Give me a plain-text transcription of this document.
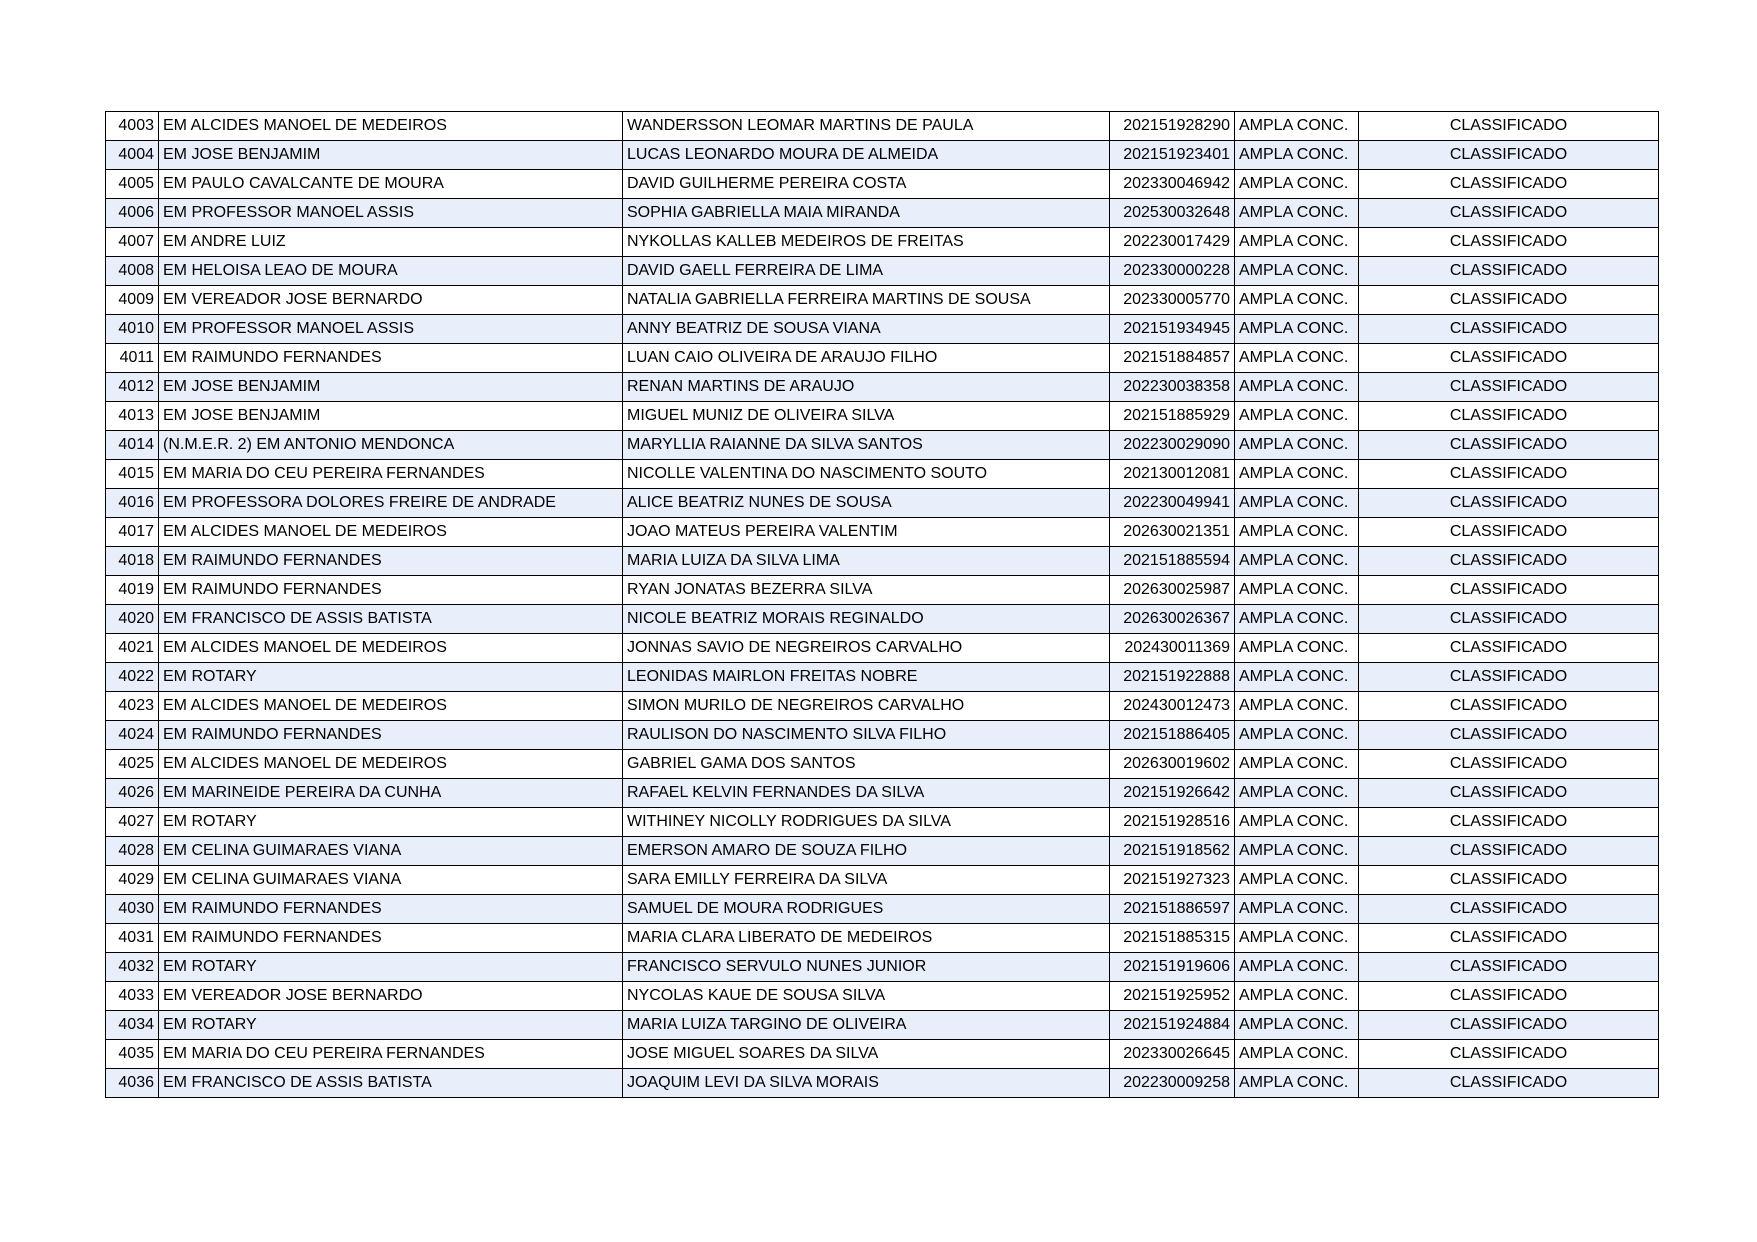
4003	EM ALCIDES MANOEL DE MEDEIROS	WANDERSSON LEOMAR MARTINS DE PAULA	202151928290	AMPLA CONC.	CLASSIFICADO
4004	EM JOSE BENJAMIM	LUCAS LEONARDO MOURA DE ALMEIDA	202151923401	AMPLA CONC.	CLASSIFICADO
4005	EM PAULO CAVALCANTE DE MOURA	DAVID GUILHERME PEREIRA COSTA	202330046942	AMPLA CONC.	CLASSIFICADO
4006	EM PROFESSOR MANOEL ASSIS	SOPHIA GABRIELLA MAIA MIRANDA	202530032648	AMPLA CONC.	CLASSIFICADO
4007	EM ANDRE LUIZ	NYKOLLAS KALLEB MEDEIROS DE FREITAS	202230017429	AMPLA CONC.	CLASSIFICADO
4008	EM HELOISA LEAO DE MOURA	DAVID GAELL FERREIRA DE LIMA	202330000228	AMPLA CONC.	CLASSIFICADO
4009	EM VEREADOR JOSE BERNARDO	NATALIA GABRIELLA FERREIRA MARTINS DE SOUSA	202330005770	AMPLA CONC.	CLASSIFICADO
4010	EM PROFESSOR MANOEL ASSIS	ANNY BEATRIZ DE SOUSA VIANA	202151934945	AMPLA CONC.	CLASSIFICADO
4011	EM RAIMUNDO FERNANDES	LUAN CAIO OLIVEIRA DE ARAUJO FILHO	202151884857	AMPLA CONC.	CLASSIFICADO
4012	EM JOSE BENJAMIM	RENAN MARTINS DE ARAUJO	202230038358	AMPLA CONC.	CLASSIFICADO
4013	EM JOSE BENJAMIM	MIGUEL MUNIZ DE OLIVEIRA SILVA	202151885929	AMPLA CONC.	CLASSIFICADO
4014	(N.M.E.R. 2) EM ANTONIO MENDONCA	MARYLLIA RAIANNE DA SILVA SANTOS	202230029090	AMPLA CONC.	CLASSIFICADO
4015	EM MARIA DO CEU PEREIRA FERNANDES	NICOLLE VALENTINA DO NASCIMENTO SOUTO	202130012081	AMPLA CONC.	CLASSIFICADO
4016	EM PROFESSORA DOLORES FREIRE DE ANDRADE	ALICE BEATRIZ NUNES DE SOUSA	202230049941	AMPLA CONC.	CLASSIFICADO
4017	EM ALCIDES MANOEL DE MEDEIROS	JOAO MATEUS PEREIRA VALENTIM	202630021351	AMPLA CONC.	CLASSIFICADO
4018	EM RAIMUNDO FERNANDES	MARIA LUIZA DA SILVA LIMA	202151885594	AMPLA CONC.	CLASSIFICADO
4019	EM RAIMUNDO FERNANDES	RYAN JONATAS BEZERRA SILVA	202630025987	AMPLA CONC.	CLASSIFICADO
4020	EM FRANCISCO DE ASSIS BATISTA	NICOLE BEATRIZ MORAIS REGINALDO	202630026367	AMPLA CONC.	CLASSIFICADO
4021	EM ALCIDES MANOEL DE MEDEIROS	JONNAS SAVIO DE NEGREIROS CARVALHO	202430011369	AMPLA CONC.	CLASSIFICADO
4022	EM ROTARY	LEONIDAS MAIRLON FREITAS NOBRE	202151922888	AMPLA CONC.	CLASSIFICADO
4023	EM ALCIDES MANOEL DE MEDEIROS	SIMON MURILO DE NEGREIROS CARVALHO	202430012473	AMPLA CONC.	CLASSIFICADO
4024	EM RAIMUNDO FERNANDES	RAULISON DO NASCIMENTO SILVA FILHO	202151886405	AMPLA CONC.	CLASSIFICADO
4025	EM ALCIDES MANOEL DE MEDEIROS	GABRIEL GAMA DOS SANTOS	202630019602	AMPLA CONC.	CLASSIFICADO
4026	EM MARINEIDE PEREIRA DA CUNHA	RAFAEL KELVIN FERNANDES DA SILVA	202151926642	AMPLA CONC.	CLASSIFICADO
4027	EM ROTARY	WITHINEY NICOLLY RODRIGUES DA SILVA	202151928516	AMPLA CONC.	CLASSIFICADO
4028	EM CELINA GUIMARAES VIANA	EMERSON AMARO DE SOUZA FILHO	202151918562	AMPLA CONC.	CLASSIFICADO
4029	EM CELINA GUIMARAES VIANA	SARA EMILLY FERREIRA DA SILVA	202151927323	AMPLA CONC.	CLASSIFICADO
4030	EM RAIMUNDO FERNANDES	SAMUEL DE MOURA RODRIGUES	202151886597	AMPLA CONC.	CLASSIFICADO
4031	EM RAIMUNDO FERNANDES	MARIA CLARA LIBERATO DE MEDEIROS	202151885315	AMPLA CONC.	CLASSIFICADO
4032	EM ROTARY	FRANCISCO SERVULO NUNES JUNIOR	202151919606	AMPLA CONC.	CLASSIFICADO
4033	EM VEREADOR JOSE BERNARDO	NYCOLAS KAUE DE SOUSA SILVA	202151925952	AMPLA CONC.	CLASSIFICADO
4034	EM ROTARY	MARIA LUIZA TARGINO DE OLIVEIRA	202151924884	AMPLA CONC.	CLASSIFICADO
4035	EM MARIA DO CEU PEREIRA FERNANDES	JOSE MIGUEL SOARES DA SILVA	202330026645	AMPLA CONC.	CLASSIFICADO
4036	EM FRANCISCO DE ASSIS BATISTA	JOAQUIM LEVI DA SILVA MORAIS	202230009258	AMPLA CONC.	CLASSIFICADO
